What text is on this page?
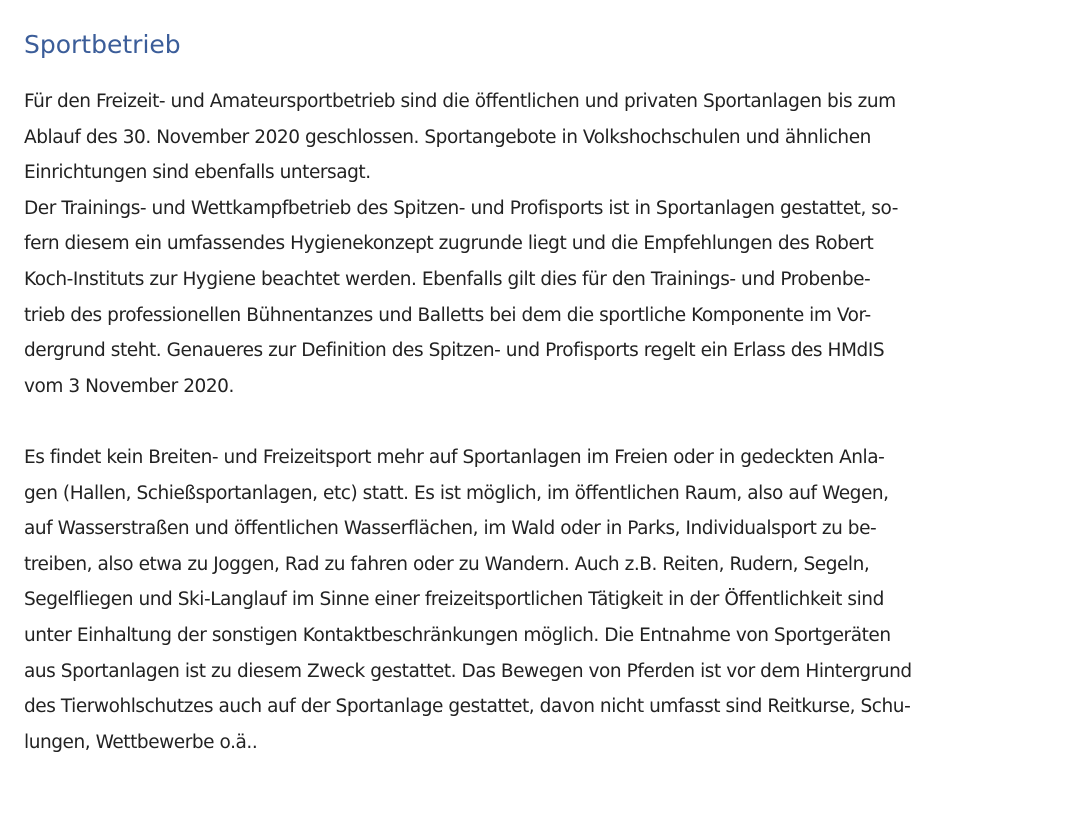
Sportbetrieb
Für den Freizeit- und Amateursportbetrieb sind die öffentlichen und privaten Sportanlagen bis zum
Ablauf des 30. November 2020 geschlossen. Sportangebote in Volkshochschulen und ähnlichen
Einrichtungen sind ebenfalls untersagt.
Der Trainings- und Wettkampfbetrieb des Spitzen- und Profisports ist in Sportanlagen gestattet, so-
fern diesem ein umfassendes Hygienekonzept zugrunde liegt und die Empfehlungen des Robert
Koch-Instituts zur Hygiene beachtet werden. Ebenfalls gilt dies für den Trainings- und Probenbe-
trieb des professionellen Bühnentanzes und Balletts bei dem die sportliche Komponente im Vor-
dergrund steht. Genaueres zur Definition des Spitzen- und Profisports regelt ein Erlass des HMdIS
vom 3 November 2020.
Es findet kein Breiten- und Freizeitsport mehr auf Sportanlagen im Freien oder in gedeckten Anla-
gen (Hallen, Schießsportanlagen, etc) statt. Es ist möglich, im öffentlichen Raum, also auf Wegen,
auf Wasserstraßen und öffentlichen Wasserflächen, im Wald oder in Parks, Individualsport zu be-
treiben, also etwa zu Joggen, Rad zu fahren oder zu Wandern. Auch z.B. Reiten, Rudern, Segeln,
Segelfliegen und Ski-Langlauf im Sinne einer freizeitsportlichen Tätigkeit in der Öffentlichkeit sind
unter Einhaltung der sonstigen Kontaktbeschränkungen möglich. Die Entnahme von Sportgeräten
aus Sportanlagen ist zu diesem Zweck gestattet. Das Bewegen von Pferden ist vor dem Hintergrund
des Tierwohlschutzes auch auf der Sportanlage gestattet, davon nicht umfasst sind Reitkurse, Schu-
lungen, Wettbewerbe o.ä..
